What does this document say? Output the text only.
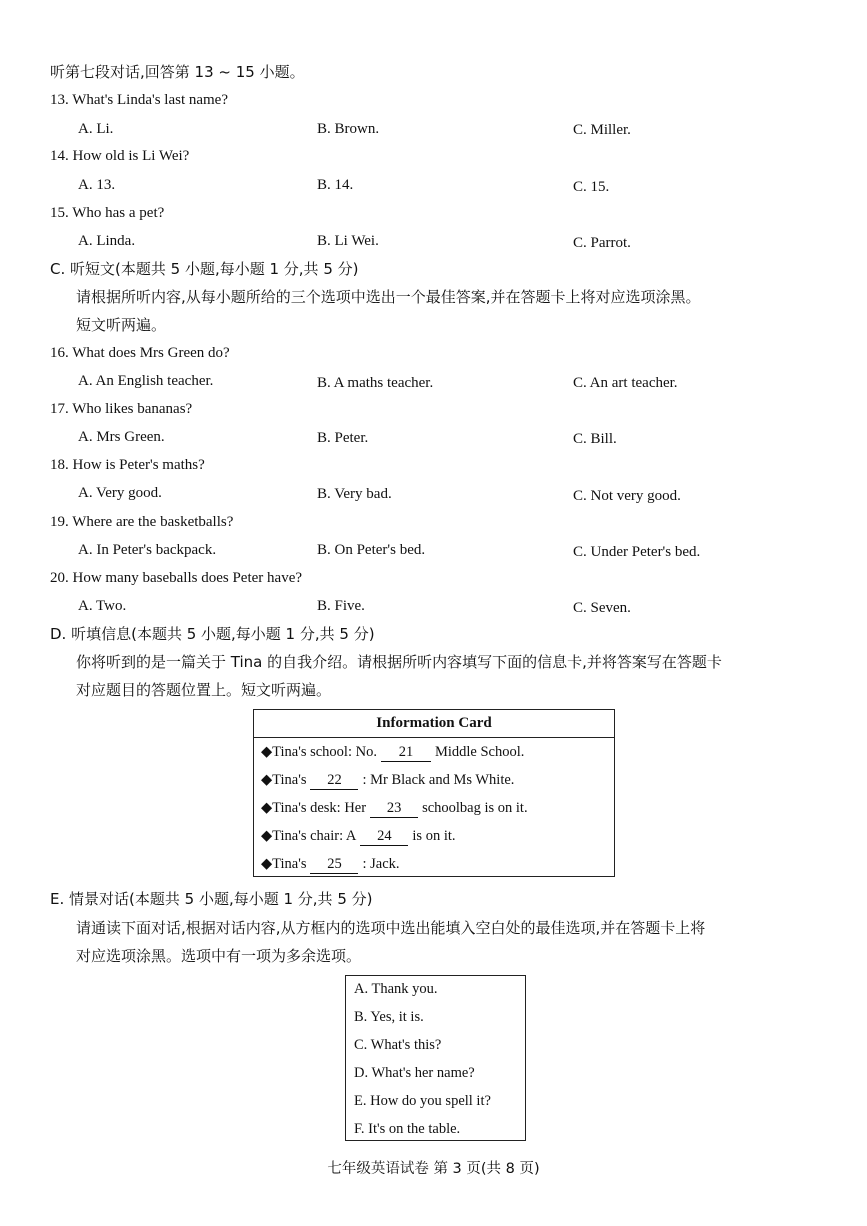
听第七段对话,回答第 13 ~ 15 小题。
13. What's Linda's last name?
A. Li.	B. Brown.	C. Miller.
14. How old is Li Wei?
A. 13.	B. 14.	C. 15.
15. Who has a pet?
A. Linda.	B. Li Wei.	C. Parrot.
C. 听短文(本题共 5 小题,每小题 1 分,共 5 分)
请根据所听内容,从每小题所给的三个选项中选出一个最佳答案,并在答题卡上将对应选项涂黑。
短文听两遍。
16. What does Mrs Green do?
A. An English teacher.	B. A maths teacher.	C. An art teacher.
17. Who likes bananas?
A. Mrs Green.	B. Peter.	C. Bill.
18. How is Peter's maths?
A. Very good.	B. Very bad.	C. Not very good.
19. Where are the basketballs?
A. In Peter's backpack.	B. On Peter's bed.	C. Under Peter's bed.
20. How many baseballs does Peter have?
A. Two.	B. Five.	C. Seven.
D. 听填信息(本题共 5 小题,每小题 1 分,共 5 分)
你将听到的是一篇关于 Tina 的自我介绍。请根据所听内容填写下面的信息卡,并将答案写在答题卡
对应题目的答题位置上。短文听两遍。
Information Card
◆Tina's school: No. 21 Middle School.
◆Tina's 22 : Mr Black and Ms White.
◆Tina's desk: Her 23 schoolbag is on it.
◆Tina's chair: A 24 is on it.
◆Tina's 25 : Jack.
E. 情景对话(本题共 5 小题,每小题 1 分,共 5 分)
请通读下面对话,根据对话内容,从方框内的选项中选出能填入空白处的最佳选项,并在答题卡上将
对应选项涂黑。选项中有一项为多余选项。
A. Thank you.
B. Yes, it is.
C. What's this?
D. What's her name?
E. How do you spell it?
F. It's on the table.
七年级英语试卷 第 3 页(共 8 页)
